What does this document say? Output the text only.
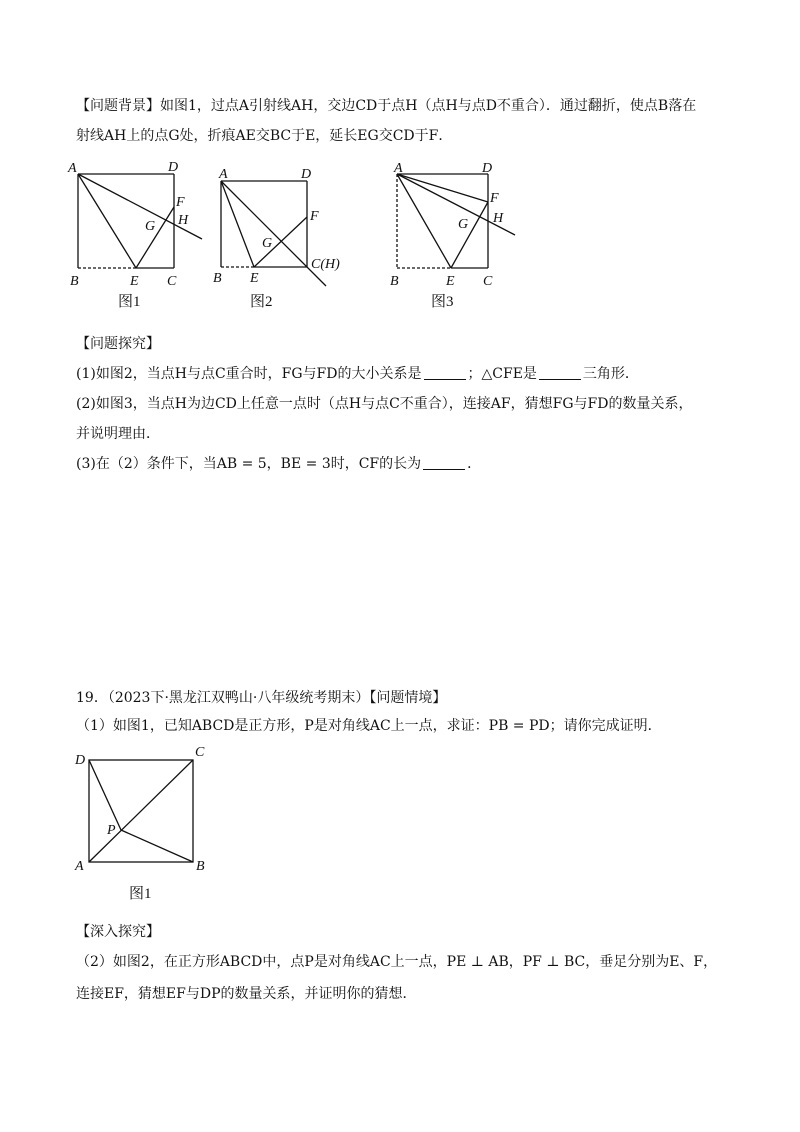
【问题背景】如图1，过点A引射线AH，交边CD于点H（点H与点D不重合）．通过翻折，使点B落在
射线AH上的点G处，折痕AE交BC于E，延长EG交CD于F．
A	D
F
G H
B	E C
图1
A	D
F
G
C(H)
B E
图2
A	D
F
G H
B	E C
图3
【问题探究】
(1)如图2，当点H与点C重合时，FG与FD的大小关系是	；△CFE是	三角形．
(2)如图3，当点H为边CD上任意一点时（点H与点C不重合），连接AF，猜想FG与FD的数量关系，
并说明理由．
(3)在（2）条件下，当AB = 5，BE = 3时，CF的长为	．
19．（2023下·黑龙江双鸭山·八年级统考期末）【问题情境】
（1）如图1，已知ABCD是正方形，P是对角线AC上一点，求证：PB = PD；请你完成证明．
D
C
P
A	B
图1
【深入探究】
（2）如图2，在正方形ABCD中，点P是对角线AC上一点，PE ⊥ AB，PF ⊥ BC，垂足分别为E、F，
连接EF，猜想EF与DP的数量关系，并证明你的猜想．
